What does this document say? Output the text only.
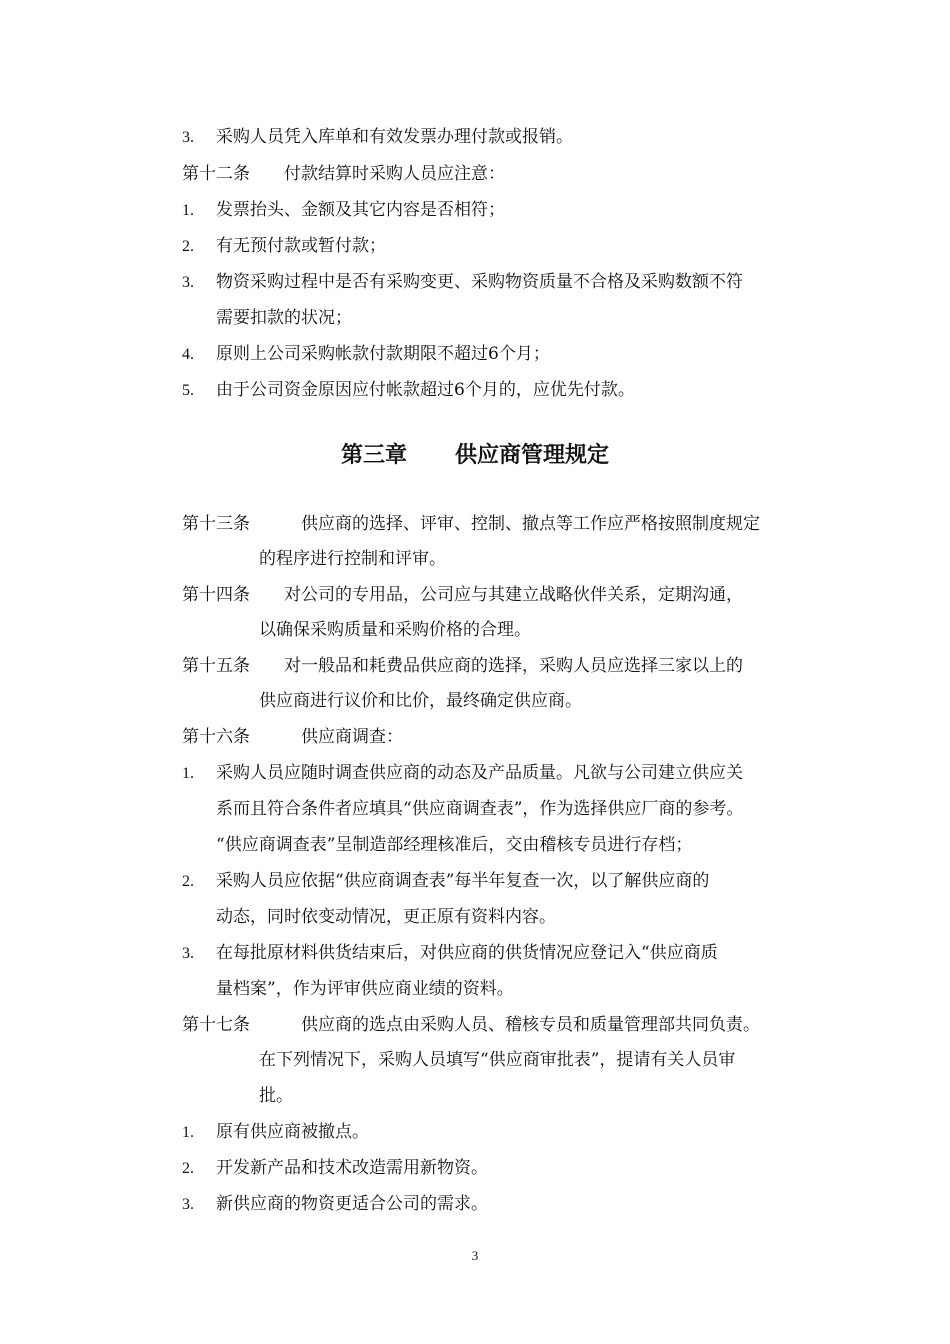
3. 采购人员凭入库单和有效发票办理付款或报销。
第十二条　　付款结算时采购人员应注意：
1. 发票抬头、金额及其它内容是否相符；
2. 有无预付款或暂付款；
3. 物资采购过程中是否有采购变更、采购物资质量不合格及采购数额不符
需要扣款的状况；
4. 原则上公司采购帐款付款期限不超过6个月；
5. 由于公司资金原因应付帐款超过6个月的，应优先付款。
第三章 供应商管理规定
第十三条　　　供应商的选择、评审、控制、撤点等工作应严格按照制度规定
的程序进行控制和评审。
第十四条　　对公司的专用品，公司应与其建立战略伙伴关系，定期沟通，
以确保采购质量和采购价格的合理。
第十五条　　对一般品和耗费品供应商的选择，采购人员应选择三家以上的
供应商进行议价和比价，最终确定供应商。
第十六条　　　供应商调查：
1. 采购人员应随时调查供应商的动态及产品质量。凡欲与公司建立供应关
系而且符合条件者应填具“供应商调查表”，作为选择供应厂商的参考。
“供应商调查表”呈制造部经理核准后，交由稽核专员进行存档；
2. 采购人员应依据“供应商调查表”每半年复查一次，以了解供应商的
动态，同时依变动情况，更正原有资料内容。
3. 在每批原材料供货结束后，对供应商的供货情况应登记入“供应商质
量档案”，作为评审供应商业绩的资料。
第十七条　　　供应商的选点由采购人员、稽核专员和质量管理部共同负责。
在下列情况下，采购人员填写“供应商审批表”，提请有关人员审
批。
1. 原有供应商被撤点。
2. 开发新产品和技术改造需用新物资。
3. 新供应商的物资更适合公司的需求。
3
